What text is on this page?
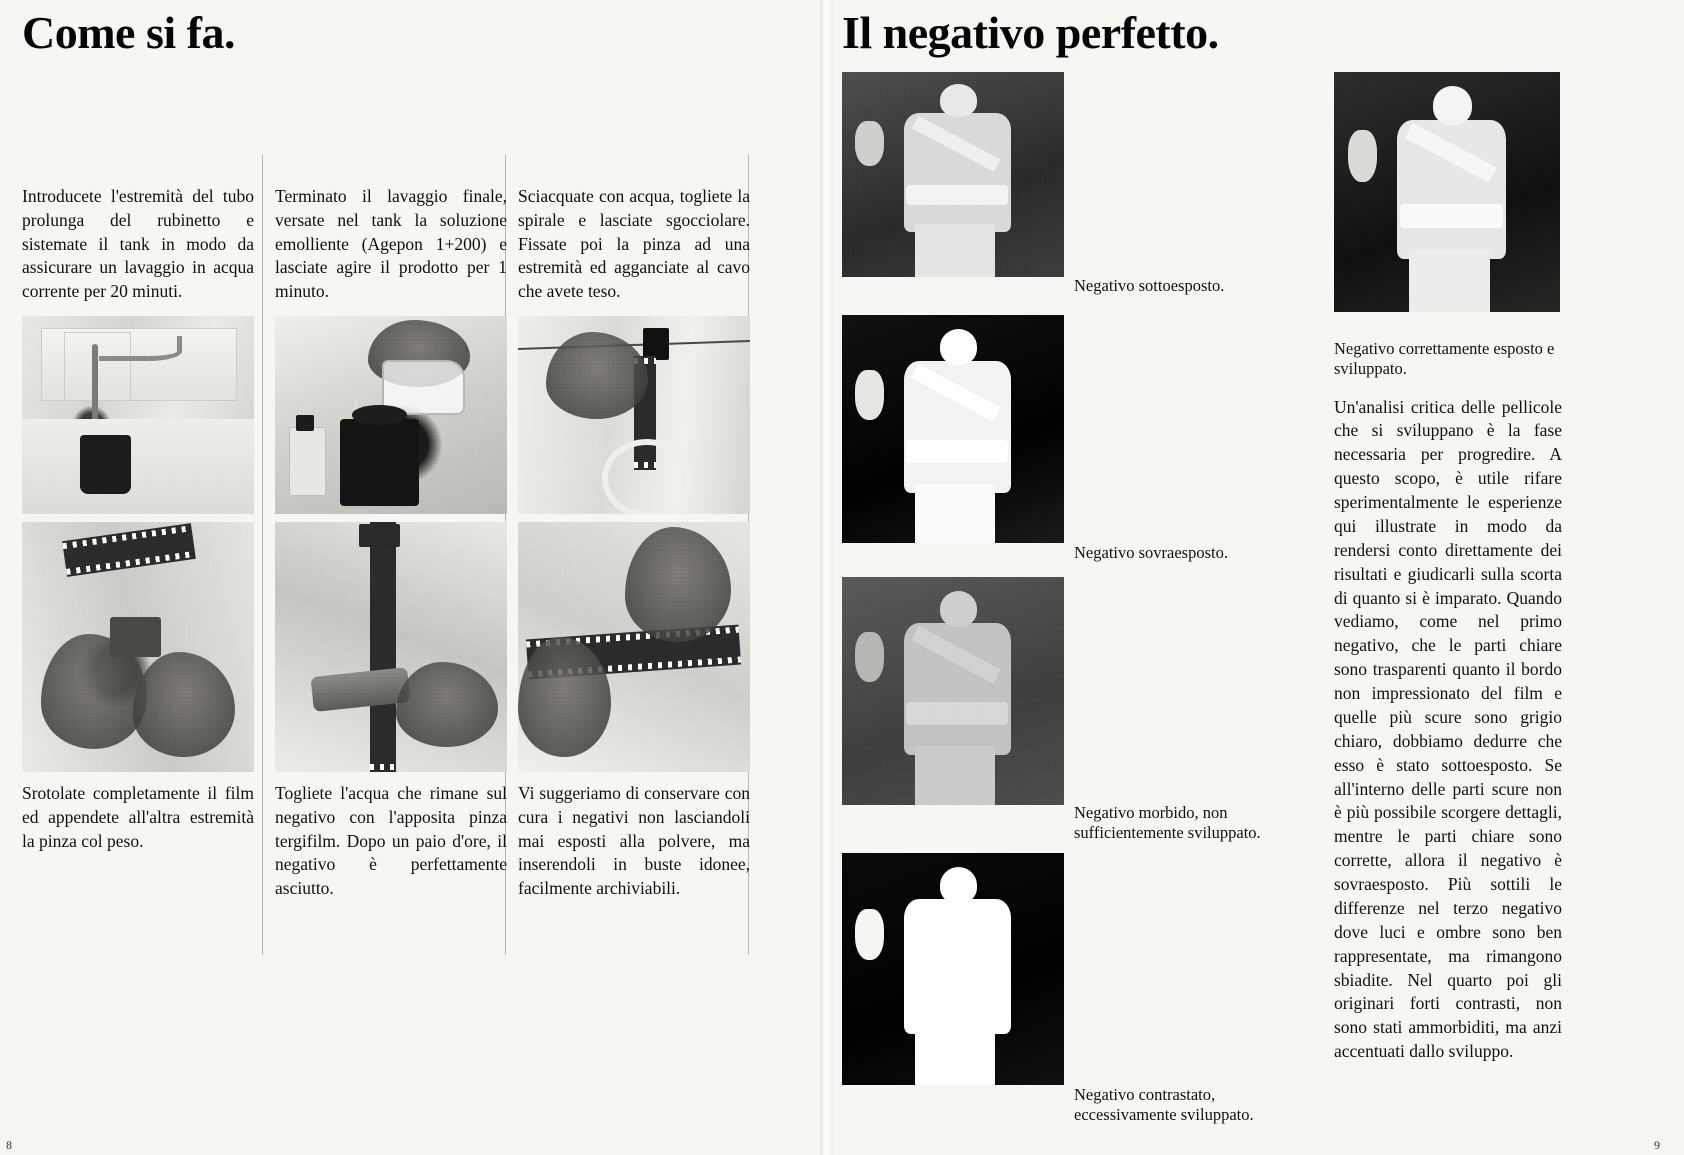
Come si fa.

Introducete l'estremità del tubo prolunga del rubinetto e sistemate il tank in modo da assicurare un lavaggio in acqua corrente per 20 minuti.

Srotolate completamente il film ed appendete all'altra estremità la pinza col peso.

Terminato il lavaggio finale, versate nel tank la soluzione emolliente (Agepon 1+200) e lasciate agire il prodotto per 1 minuto.

Togliete l'acqua che rimane sul negativo con l'apposita pinza tergifilm. Dopo un paio d'ore, il negativo è perfettamente asciutto.

Sciacquate con acqua, togliete la spirale e lasciate sgocciolare. Fissate poi la pinza ad una estremità ed agganciate al cavo che avete teso.

Vi suggeriamo di conservare con cura i negativi non lasciandoli mai esposti alla polvere, ma inserendoli in buste idonee, facilmente archiviabili.

8
Il negativo perfetto.

Negativo sottoesposto.

Negativo sovraesposto.

Negativo morbido, non sufficientemente sviluppato.

Negativo contrastato, eccessivamente sviluppato.

Negativo correttamente esposto e sviluppato.

Un'analisi critica delle pellicole che si sviluppano è la fase necessaria per progredire. A questo scopo, è utile rifare sperimentalmente le esperienze qui illustrate in modo da rendersi conto direttamente dei risultati e giudicarli sulla scorta di quanto si è imparato. Quando vediamo, come nel primo negativo, che le parti chiare sono trasparenti quanto il bordo non impressionato del film e quelle più scure sono grigio chiaro, dobbiamo dedurre che esso è stato sottoesposto. Se all'interno delle parti scure non è più possibile scorgere dettagli, mentre le parti chiare sono corrette, allora il negativo è sovraesposto. Più sottili le differenze nel terzo negativo dove luci e ombre sono ben rappresentate, ma rimangono sbiadite. Nel quarto poi gli originari forti contrasti, non sono stati ammorbiditi, ma anzi accentuati dallo sviluppo.

9
